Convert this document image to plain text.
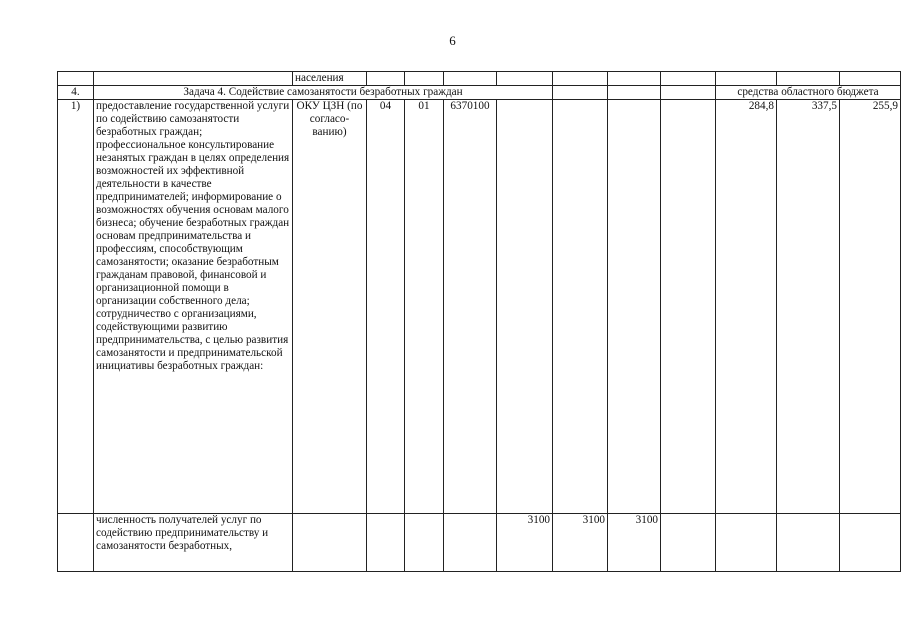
6
		населения										
4.	Задача 4. Содействие самозанятости безработных граждан									средства областного бюджета		
1)	предоставление государственной услуги по содействию самозанятости безработных граждан; профессиональное консультирование незанятых граждан в целях определения возможностей их эффективной деятельности в качестве предпринимателей; информирование о возможностях обучения основам малого бизнеса; обучение безработных граждан основам предпринимательства и профессиям, способствующим самозанятости; оказание безработным гражданам правовой, финансовой и организационной помощи в организации собственного дела; сотрудничество с организациями, содействующими развитию предпринимательства, с целью развития самозанятости и предпринимательской инициативы безработных граждан:	ОКУ ЦЗН (по согласо-ванию)	04	01	6370100					284,8	337,5	255,9
	численность получателей услуг по содействию предпринимательству и самозанятости безработных,					3100	3100	3100				
